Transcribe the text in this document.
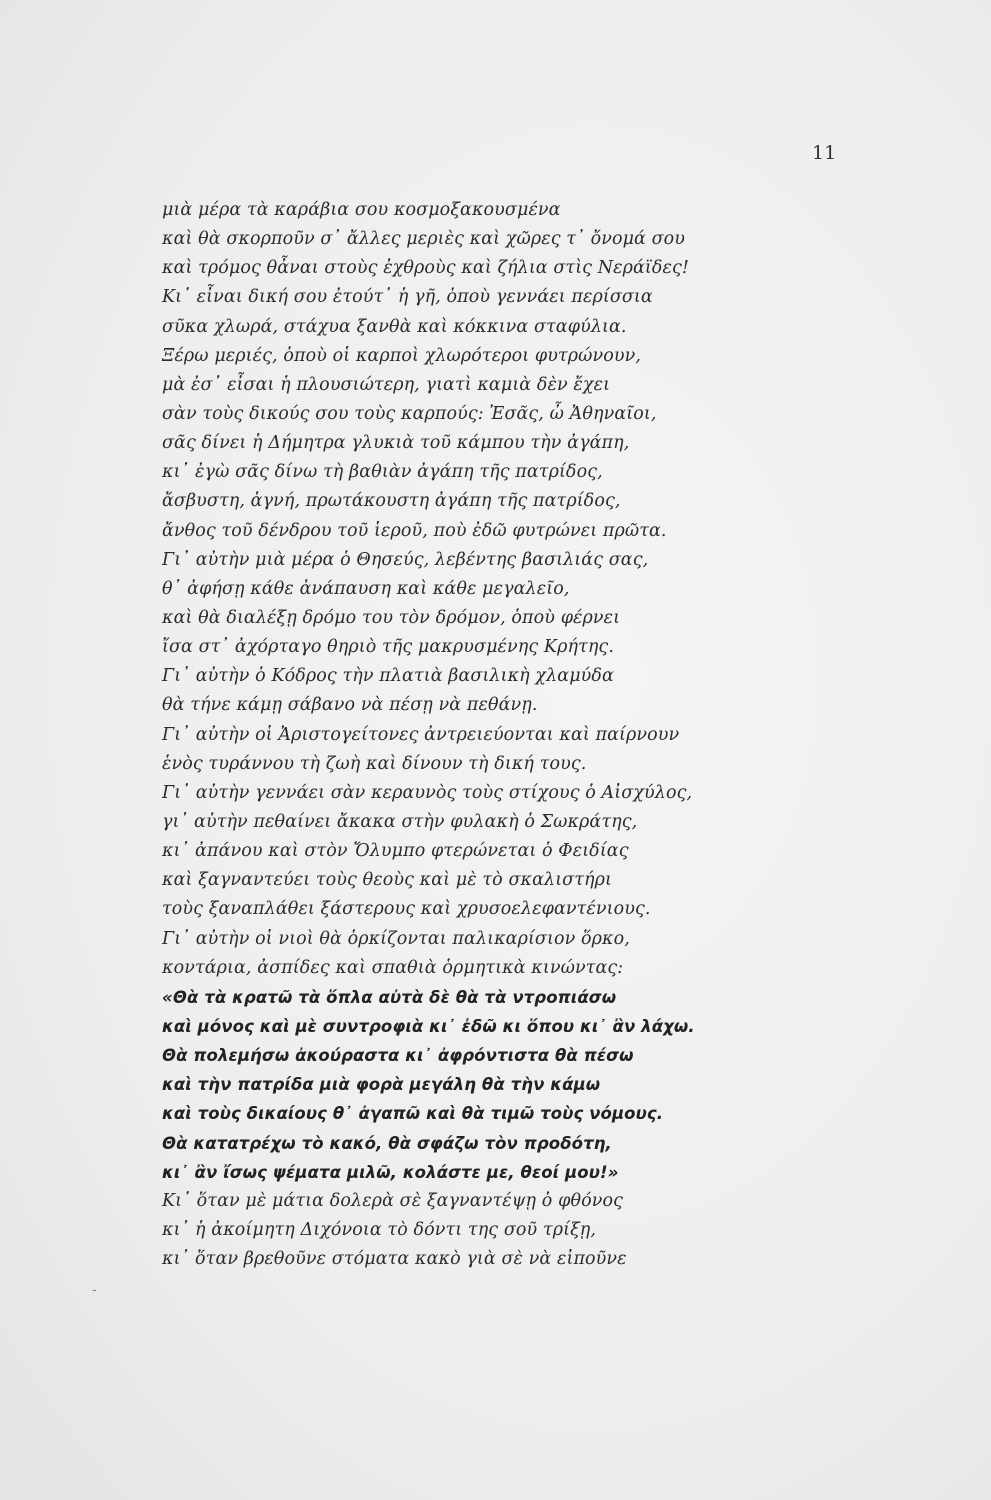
11
μιὰ μέρα τὰ καράβια σου κοσμοξακουσμένα
καὶ θὰ σκορποῦν σ᾽ ἄλλες μεριὲς καὶ χῶρες τ᾽ ὄνομά σου
καὶ τρόμος θἆναι στοὺς ἐχθροὺς καὶ ζήλια στὶς Νεράϊδες!
Κι᾽ εἶναι δική σου ἐτούτ᾽ ἡ γῆ, ὁποὺ γεννάει περίσσια
σῦκα χλωρά, στάχυα ξανθὰ καὶ κόκκινα σταφύλια.
Ξέρω μεριές, ὁποὺ οἱ καρποὶ χλωρότεροι φυτρώνουν,
μὰ ἐσ᾽ εἶσαι ἡ πλουσιώτερη, γιατὶ καμιὰ δὲν ἔχει
σὰν τοὺς δικούς σου τοὺς καρπούς: Ἐσᾶς, ὦ Ἀθηναῖοι,
σᾶς δίνει ἡ Δήμητρα γλυκιὰ τοῦ κάμπου τὴν ἀγάπη,
κι᾽ ἐγὼ σᾶς δίνω τὴ βαθιὰν ἀγάπη τῆς πατρίδος,
ἄσβυστη, ἁγνή, πρωτάκουστη ἀγάπη τῆς πατρίδος,
ἄνθος τοῦ δένδρου τοῦ ἱεροῦ, ποὺ ἐδῶ φυτρώνει πρῶτα.
Γι᾽ αὐτὴν μιὰ μέρα ὁ Θησεύς, λεβέντης βασιλιάς σας,
θ᾽ ἀφήσῃ κάθε ἀνάπαυση καὶ κάθε μεγαλεῖο,
καὶ θὰ διαλέξῃ δρόμο του τὸν δρόμον, ὁποὺ φέρνει
ἴσα στ᾽ ἀχόρταγο θηριὸ τῆς μακρυσμένης Κρήτης.
Γι᾽ αὐτὴν ὁ Κόδρος τὴν πλατιὰ βασιλικὴ χλαμύδα
θὰ τήνε κάμῃ σάβανο νὰ πέσῃ νὰ πεθάνῃ.
Γι᾽ αὐτὴν οἱ Ἀριστογείτονες ἀντρειεύονται καὶ παίρνουν
ἑνὸς τυράννου τὴ ζωὴ καὶ δίνουν τὴ δική τους.
Γι᾽ αὐτὴν γεννάει σὰν κεραυνὸς τοὺς στίχους ὁ Αἰσχύλος,
γι᾽ αὐτὴν πεθαίνει ἄκακα στὴν φυλακὴ ὁ Σωκράτης,
κι᾽ ἀπάνου καὶ στὸν Ὄλυμπο φτερώνεται ὁ Φειδίας
καὶ ξαγναντεύει τοὺς θεοὺς καὶ μὲ τὸ σκαλιστήρι
τοὺς ξαναπλάθει ξάστερους καὶ χρυσοελεφαντένιους.
Γι᾽ αὐτὴν οἱ νιοὶ θὰ ὁρκίζονται παλικαρίσιον ὅρκο,
κοντάρια, ἀσπίδες καὶ σπαθιὰ ὁρμητικὰ κινώντας:
«Θὰ τὰ κρατῶ τὰ ὅπλα αὐτὰ δὲ θὰ τὰ ντροπιάσω
καὶ μόνος καὶ μὲ συντροφιὰ κι᾽ ἐδῶ κι ὅπου κι᾽ ἂν λάχω.
Θὰ πολεμήσω ἀκούραστα κι᾽ ἀφρόντιστα θὰ πέσω
καὶ τὴν πατρίδα μιὰ φορὰ μεγάλη θὰ τὴν κάμω
καὶ τοὺς δικαίους θ᾽ ἀγαπῶ καὶ θὰ τιμῶ τοὺς νόμους.
Θὰ κατατρέχω τὸ κακό, θὰ σφάζω τὸν προδότη,
κι᾽ ἂν ἴσως ψέματα μιλῶ, κολάστε με, θεοί μου!»
Κι᾽ ὅταν μὲ μάτια δολερὰ σὲ ξαγναντέψῃ ὁ φθόνος
κι᾽ ἡ ἀκοίμητη Διχόνοια τὸ δόντι της σοῦ τρίξῃ,
κι᾽ ὅταν βρεθοῦνε στόματα κακὸ γιὰ σὲ νὰ εἰποῦνε
-
